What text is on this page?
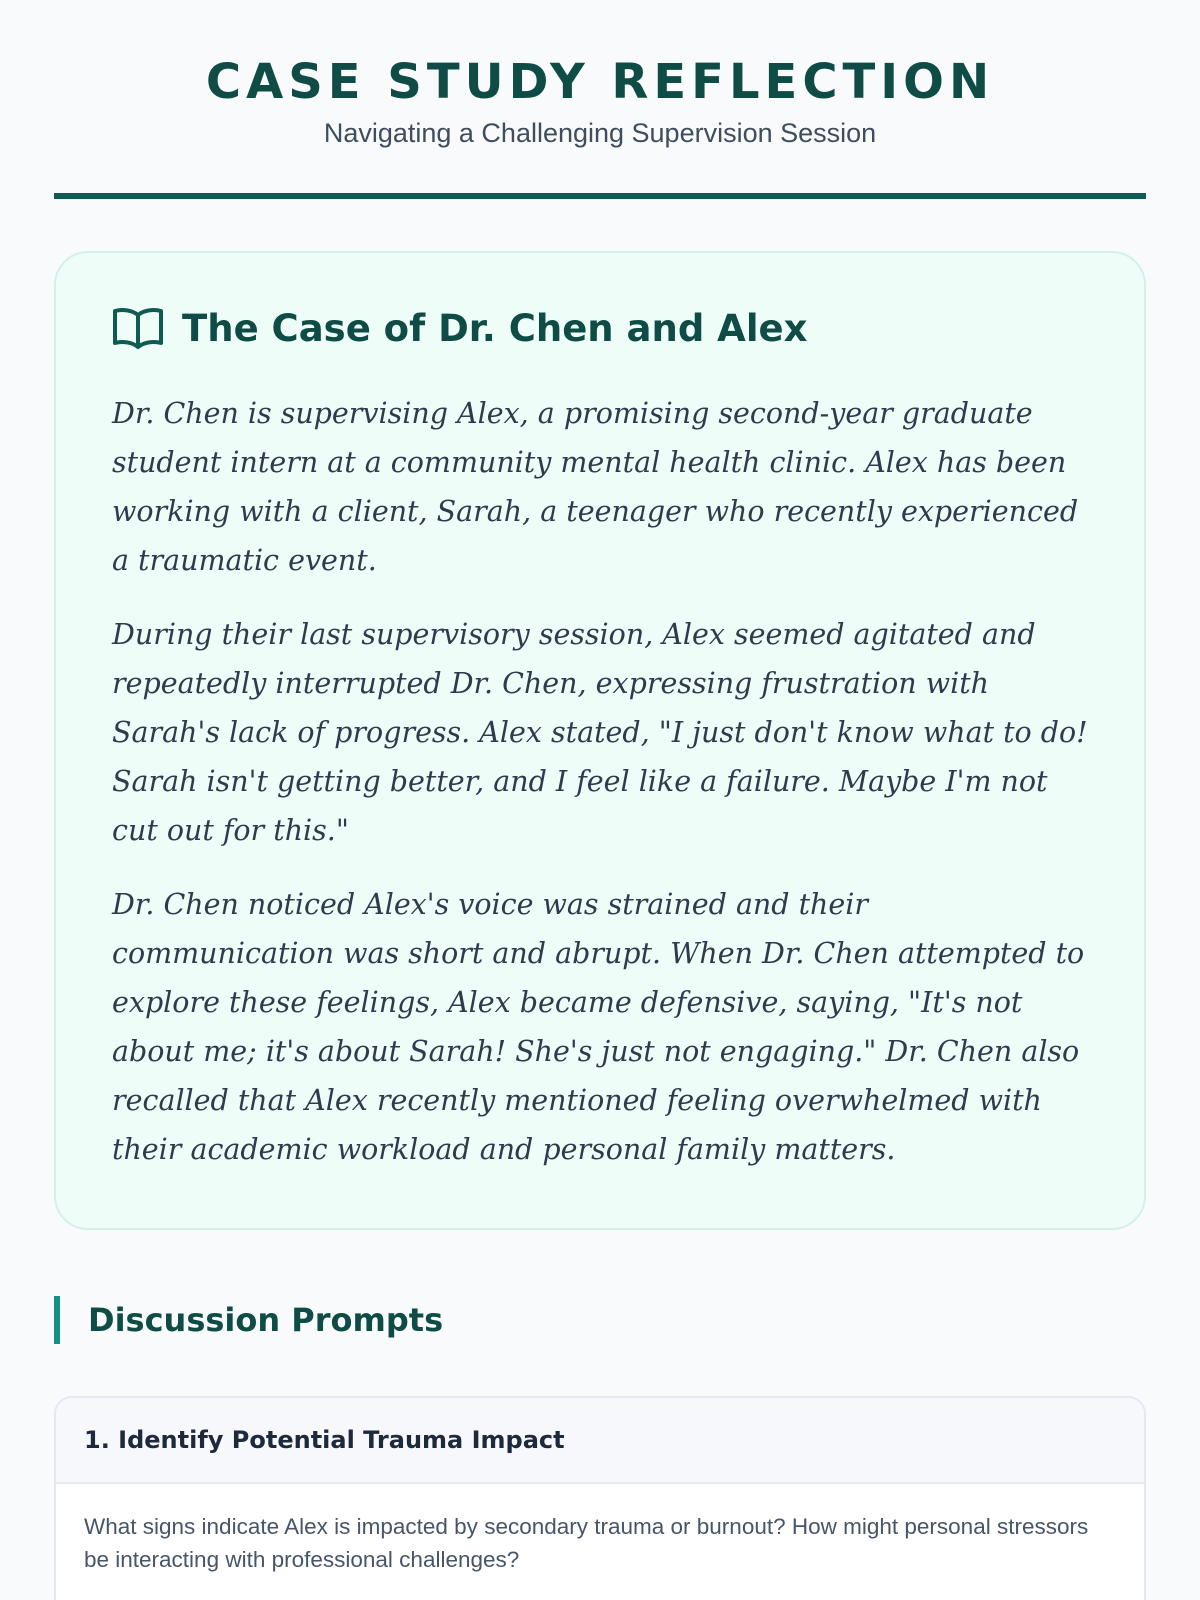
CASE STUDY REFLECTION

Navigating a Challenging Supervision Session

The Case of Dr. Chen and Alex

Dr. Chen is supervising Alex, a promising second-year graduate student intern at a community mental health clinic. Alex has been working with a client, Sarah, a teenager who recently experienced a traumatic event.

During their last supervisory session, Alex seemed agitated and repeatedly interrupted Dr. Chen, expressing frustration with Sarah's lack of progress. Alex stated, "I just don't know what to do! Sarah isn't getting better, and I feel like a failure. Maybe I'm not cut out for this."

Dr. Chen noticed Alex's voice was strained and their communication was short and abrupt. When Dr. Chen attempted to explore these feelings, Alex became defensive, saying, "It's not about me; it's about Sarah! She's just not engaging." Dr. Chen also recalled that Alex recently mentioned feeling overwhelmed with their academic workload and personal family matters.

Discussion Prompts
1. Identify Potential Trauma Impact

What signs indicate Alex is impacted by secondary trauma or burnout? How might personal stressors be interacting with professional challenges?
